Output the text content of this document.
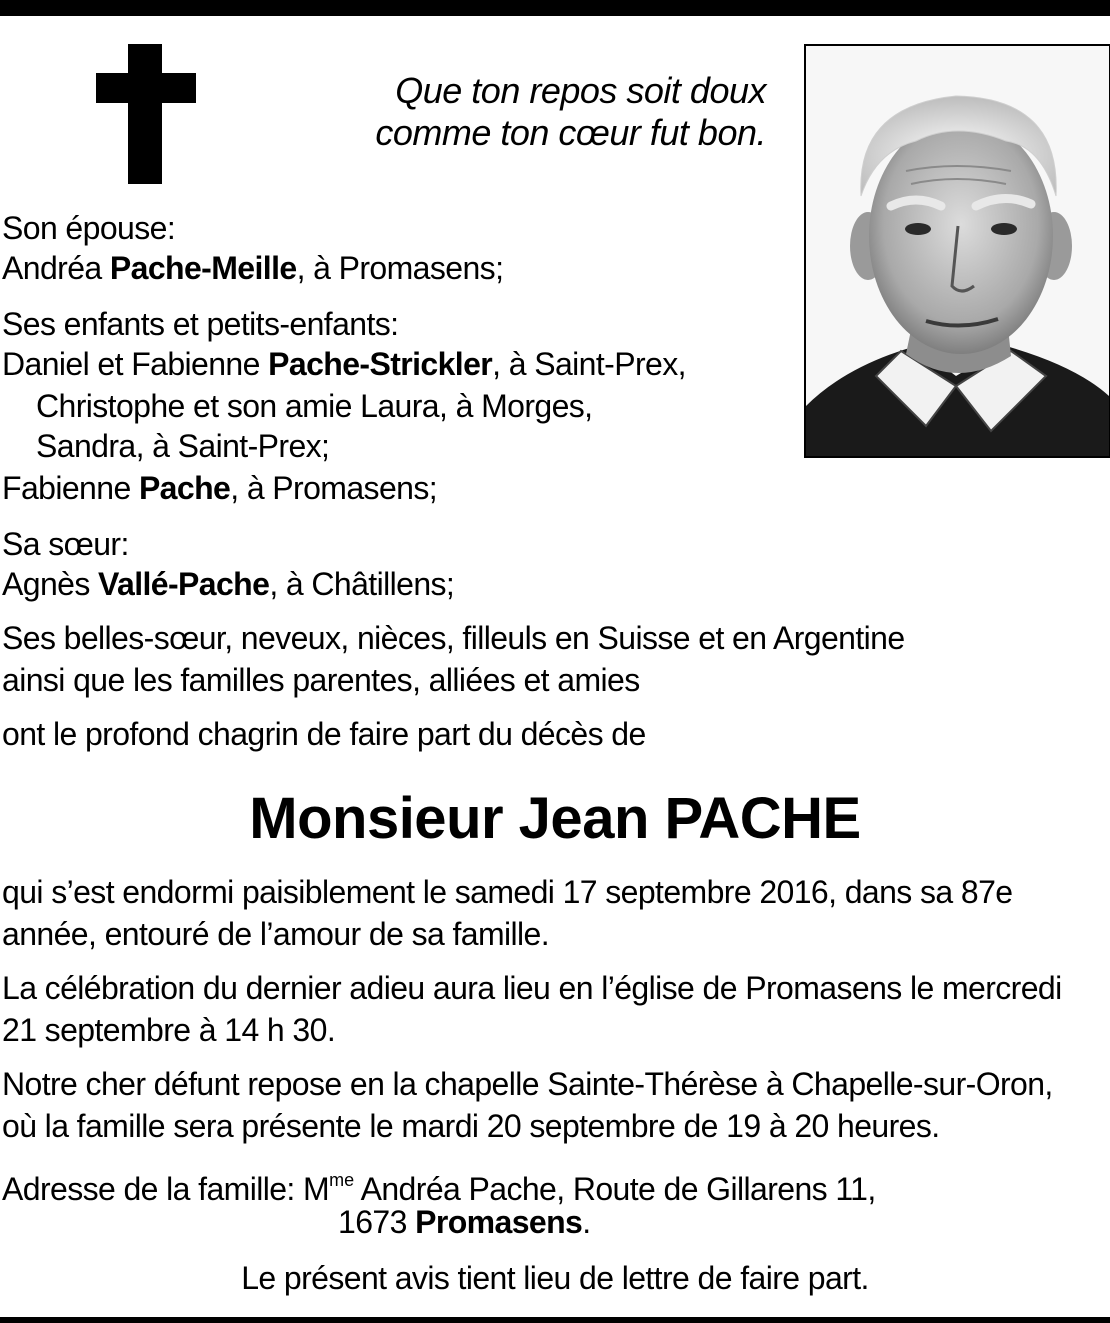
Que ton repos soit doux
comme ton cœur fut bon.
Son épouse:
Andréa Pache-Meille, à Promasens;
Ses enfants et petits-enfants:
Daniel et Fabienne Pache-Strickler, à Saint-Prex,
Christophe et son amie Laura, à Morges,
Sandra, à Saint-Prex;
Fabienne Pache, à Promasens;
Sa sœur:
Agnès Vallé-Pache, à Châtillens;
Ses belles-sœur, neveux, nièces, filleuls en Suisse et en Argentine
ainsi que les familles parentes, alliées et amies
ont le profond chagrin de faire part du décès de
Monsieur Jean PACHE
qui s’est endormi paisiblement le samedi 17 septembre 2016, dans sa 87e
année, entouré de l’amour de sa famille.
La célébration du dernier adieu aura lieu en l’église de Promasens le mercredi
21 septembre à 14 h 30.
Notre cher défunt repose en la chapelle Sainte-Thérèse à Chapelle-sur-Oron,
où la famille sera présente le mardi 20 septembre de 19 à 20 heures.
Adresse de la famille: $M^{me}$ Andréa Pache, Route de Gillarens 11,
1673 Promasens.
Le présent avis tient lieu de lettre de faire part.
